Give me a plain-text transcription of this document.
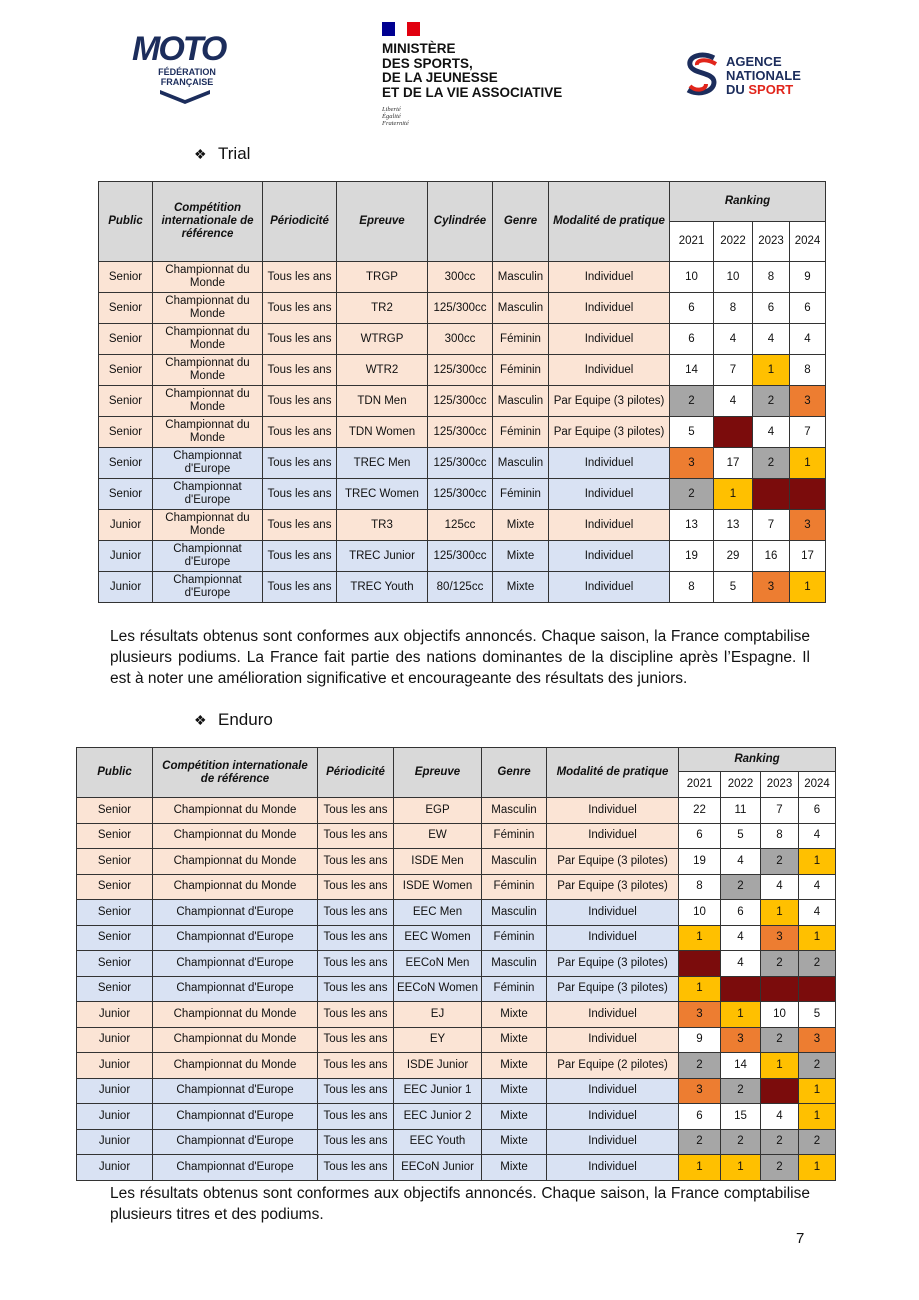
MOTO
FÉDÉRATION
FRANÇAISE
MINISTÈRE
DES SPORTS,
DE LA JEUNESSE
ET DE LA VIE ASSOCIATIVE
Liberté
Égalité
Fraternité
AGENCE
NATIONALE
DU SPORT
❖ Trial
Public	Compétition internationale de référence	Périodicité	Epreuve	Cylindrée	Genre	Modalité de pratique	Ranking			
							2021	2022	2023	2024
Senior	Championnat du Monde	Tous les ans	TRGP	300cc	Masculin	Individuel	10	10	8	9
Senior	Championnat du Monde	Tous les ans	TR2	125/300cc	Masculin	Individuel	6	8	6	6
Senior	Championnat du Monde	Tous les ans	WTRGP	300cc	Féminin	Individuel	6	4	4	4
Senior	Championnat du Monde	Tous les ans	WTR2	125/300cc	Féminin	Individuel	14	7	1	8
Senior	Championnat du Monde	Tous les ans	TDN Men	125/300cc	Masculin	Par Equipe (3 pilotes)	2	4	2	3
Senior	Championnat du Monde	Tous les ans	TDN Women	125/300cc	Féminin	Par Equipe (3 pilotes)	5		4	7
Senior	Championnat d'Europe	Tous les ans	TREC Men	125/300cc	Masculin	Individuel	3	17	2	1
Senior	Championnat d'Europe	Tous les ans	TREC Women	125/300cc	Féminin	Individuel	2	1		
Junior	Championnat du Monde	Tous les ans	TR3	125cc	Mixte	Individuel	13	13	7	3
Junior	Championnat d'Europe	Tous les ans	TREC Junior	125/300cc	Mixte	Individuel	19	29	16	17
Junior	Championnat d'Europe	Tous les ans	TREC Youth	80/125cc	Mixte	Individuel	8	5	3	1
Les résultats obtenus sont conformes aux objectifs annoncés. Chaque saison, la France comptabilise plusieurs podiums. La France fait partie des nations dominantes de la discipline après l’Espagne. Il est à noter une amélioration significative et encourageante des résultats des juniors.
❖ Enduro
Public	Compétition internationale de référence	Périodicité	Epreuve	Genre	Modalité de pratique	Ranking			
						2021	2022	2023	2024
Senior	Championnat du Monde	Tous les ans	EGP	Masculin	Individuel	22	11	7	6
Senior	Championnat du Monde	Tous les ans	EW	Féminin	Individuel	6	5	8	4
Senior	Championnat du Monde	Tous les ans	ISDE Men	Masculin	Par Equipe (3 pilotes)	19	4	2	1
Senior	Championnat du Monde	Tous les ans	ISDE Women	Féminin	Par Equipe (3 pilotes)	8	2	4	4
Senior	Championnat d'Europe	Tous les ans	EEC Men	Masculin	Individuel	10	6	1	4
Senior	Championnat d'Europe	Tous les ans	EEC Women	Féminin	Individuel	1	4	3	1
Senior	Championnat d'Europe	Tous les ans	EECoN Men	Masculin	Par Equipe (3 pilotes)		4	2	2
Senior	Championnat d'Europe	Tous les ans	EECoN Women	Féminin	Par Equipe (3 pilotes)	1			
Junior	Championnat du Monde	Tous les ans	EJ	Mixte	Individuel	3	1	10	5
Junior	Championnat du Monde	Tous les ans	EY	Mixte	Individuel	9	3	2	3
Junior	Championnat du Monde	Tous les ans	ISDE Junior	Mixte	Par Equipe (2 pilotes)	2	14	1	2
Junior	Championnat d'Europe	Tous les ans	EEC Junior 1	Mixte	Individuel	3	2		1
Junior	Championnat d'Europe	Tous les ans	EEC Junior 2	Mixte	Individuel	6	15	4	1
Junior	Championnat d'Europe	Tous les ans	EEC Youth	Mixte	Individuel	2	2	2	2
Junior	Championnat d'Europe	Tous les ans	EECoN Junior	Mixte	Individuel	1	1	2	1
Les résultats obtenus sont conformes aux objectifs annoncés. Chaque saison, la France comptabilise plusieurs titres et des podiums.
7
